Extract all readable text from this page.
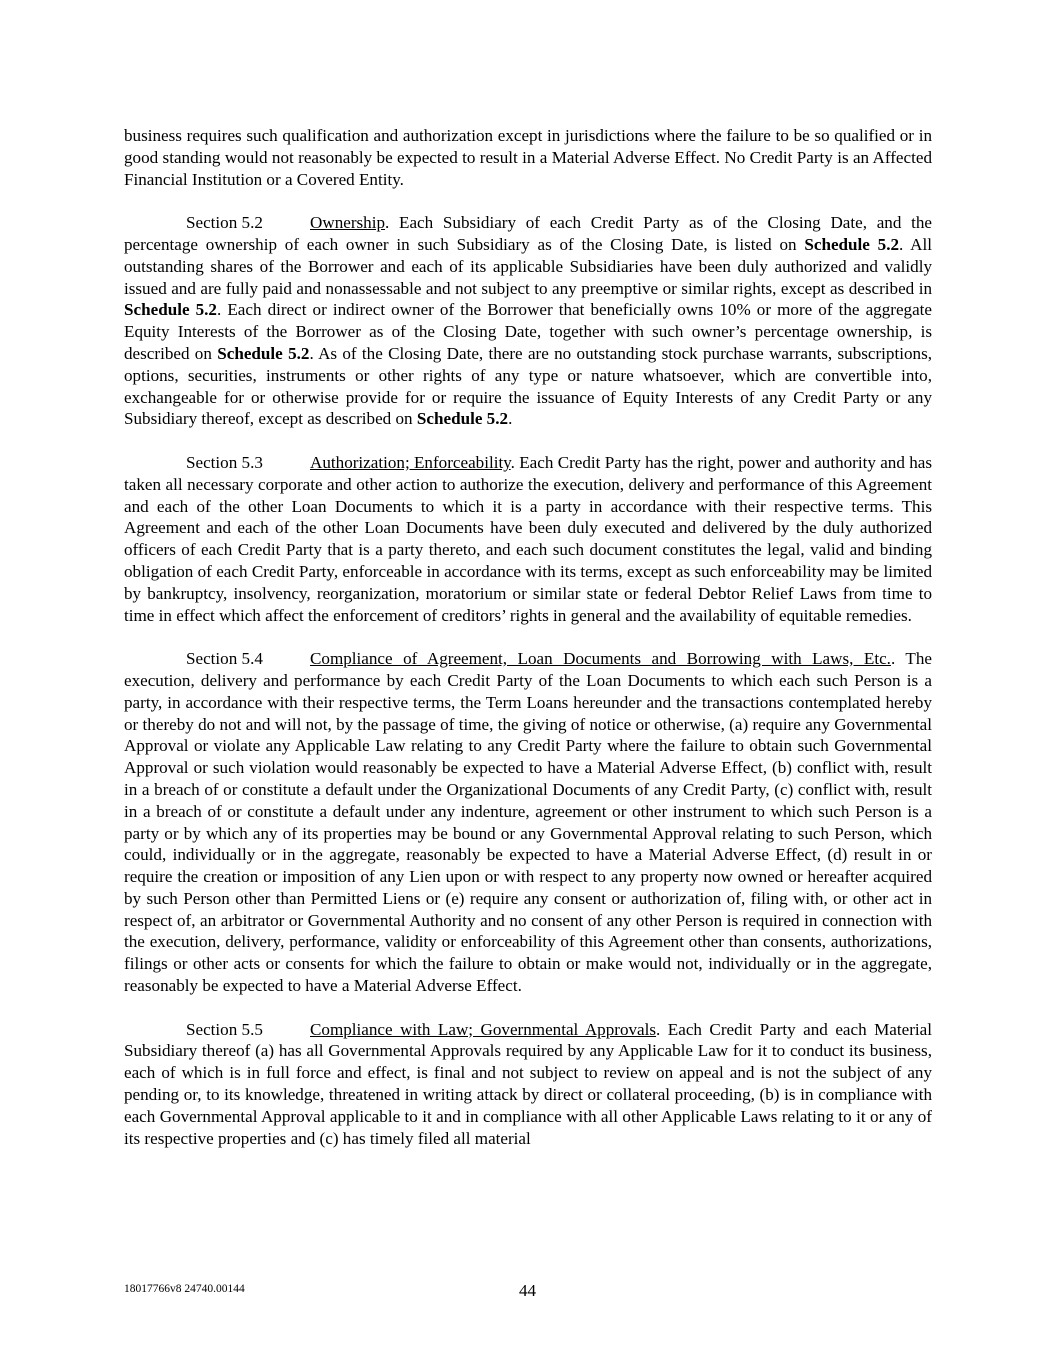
business requires such qualification and authorization except in jurisdictions where the failure to be so qualified or in good standing would not reasonably be expected to result in a Material Adverse Effect. No Credit Party is an Affected Financial Institution or a Covered Entity.

Section 5.2	Ownership. Each Subsidiary of each Credit Party as of the Closing Date, and the percentage ownership of each owner in such Subsidiary as of the Closing Date, is listed on Schedule 5.2. All outstanding shares of the Borrower and each of its applicable Subsidiaries have been duly authorized and validly issued and are fully paid and nonassessable and not subject to any preemptive or similar rights, except as described in Schedule 5.2. Each direct or indirect owner of the Borrower that beneficially owns 10% or more of the aggregate Equity Interests of the Borrower as of the Closing Date, together with such owner’s percentage ownership, is described on Schedule 5.2. As of the Closing Date, there are no outstanding stock purchase warrants, subscriptions, options, securities, instruments or other rights of any type or nature whatsoever, which are convertible into, exchangeable for or otherwise provide for or require the issuance of Equity Interests of any Credit Party or any Subsidiary thereof, except as described on Schedule 5.2.

Section 5.3	Authorization; Enforceability. Each Credit Party has the right, power and authority and has taken all necessary corporate and other action to authorize the execution, delivery and performance of this Agreement and each of the other Loan Documents to which it is a party in accordance with their respective terms. This Agreement and each of the other Loan Documents have been duly executed and delivered by the duly authorized officers of each Credit Party that is a party thereto, and each such document constitutes the legal, valid and binding obligation of each Credit Party, enforceable in accordance with its terms, except as such enforceability may be limited by bankruptcy, insolvency, reorganization, moratorium or similar state or federal Debtor Relief Laws from time to time in effect which affect the enforcement of creditors’ rights in general and the availability of equitable remedies.

Section 5.4	Compliance of Agreement, Loan Documents and Borrowing with Laws, Etc.. The execution, delivery and performance by each Credit Party of the Loan Documents to which each such Person is a party, in accordance with their respective terms, the Term Loans hereunder and the transactions contemplated hereby or thereby do not and will not, by the passage of time, the giving of notice or otherwise, (a) require any Governmental Approval or violate any Applicable Law relating to any Credit Party where the failure to obtain such Governmental Approval or such violation would reasonably be expected to have a Material Adverse Effect, (b) conflict with, result in a breach of or constitute a default under the Organizational Documents of any Credit Party, (c) conflict with, result in a breach of or constitute a default under any indenture, agreement or other instrument to which such Person is a party or by which any of its properties may be bound or any Governmental Approval relating to such Person, which could, individually or in the aggregate, reasonably be expected to have a Material Adverse Effect, (d) result in or require the creation or imposition of any Lien upon or with respect to any property now owned or hereafter acquired by such Person other than Permitted Liens or (e) require any consent or authorization of, filing with, or other act in respect of, an arbitrator or Governmental Authority and no consent of any other Person is required in connection with the execution, delivery, performance, validity or enforceability of this Agreement other than consents, authorizations, filings or other acts or consents for which the failure to obtain or make would not, individually or in the aggregate, reasonably be expected to have a Material Adverse Effect.

Section 5.5	Compliance with Law; Governmental Approvals. Each Credit Party and each Material Subsidiary thereof (a) has all Governmental Approvals required by any Applicable Law for it to conduct its business, each of which is in full force and effect, is final and not subject to review on appeal and is not the subject of any pending or, to its knowledge, threatened in writing attack by direct or collateral proceeding, (b) is in compliance with each Governmental Approval applicable to it and in compliance with all other Applicable Laws relating to it or any of its respective properties and (c) has timely filed all material

18017766v8 24740.00144	44
